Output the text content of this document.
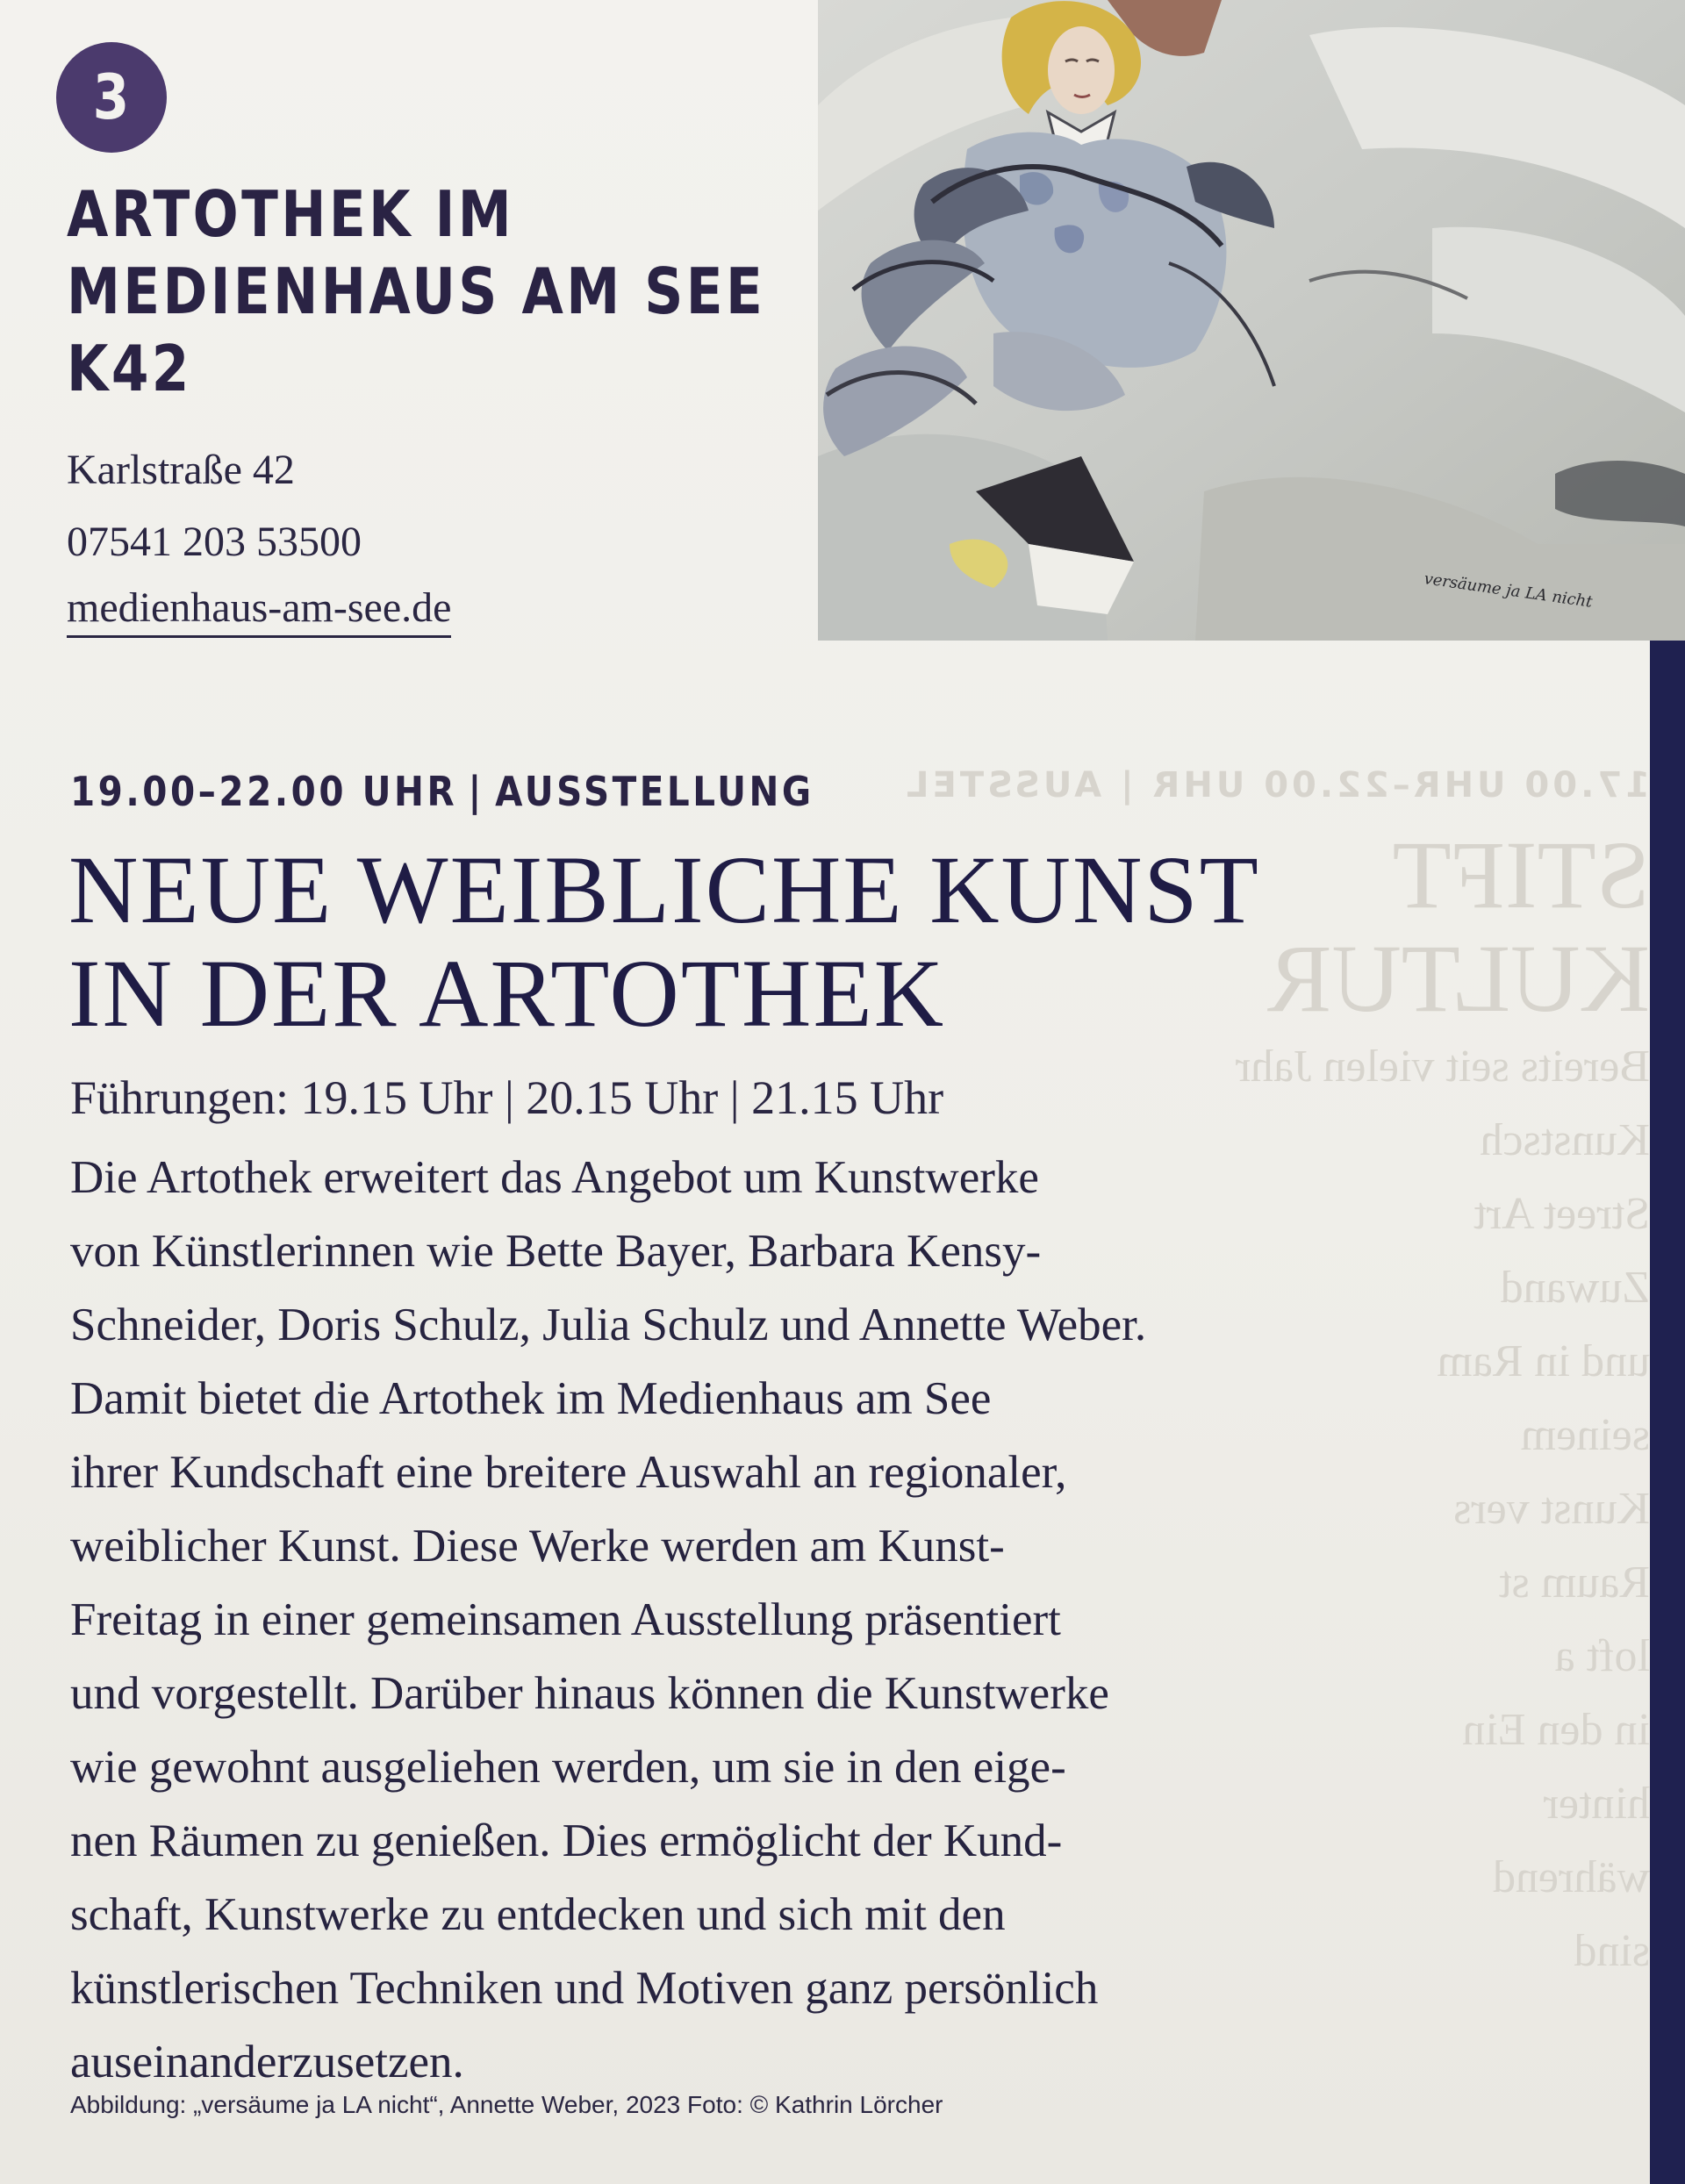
17.00 UHR–22.00 UHR | AUSSTEL
STIFT
KULTUR
Bereits seit vielen Jahr
Kunstsch
Street Art
Zuwand
und in Ram
seinem
Kunst vers
Raum st
loft a
in den Ein
hinter
während
sind
3
ARTOTHEK IM
MEDIENHAUS AM SEE
K42
Karlstraße 42
07541 203 53500
medienhaus-am-see.de	versäume ja LA nicht
19.00–22.00 UHR | AUSSTELLUNG
NEUE WEIBLICHE KUNST
IN DER ARTOTHEK
Führungen: 19.15 Uhr | 20.15 Uhr | 21.15 Uhr
Die Artothek erweitert das Angebot um Kunstwerke
von Künstlerinnen wie Bette Bayer, Barbara Kensy-
Schneider, Doris Schulz, Julia Schulz und Annette Weber.
Damit bietet die Artothek im Medienhaus am See
ihrer Kundschaft eine breitere Auswahl an regionaler,
weiblicher Kunst. Diese Werke werden am Kunst-
Freitag in einer gemeinsamen Ausstellung präsentiert
und vorgestellt. Darüber hinaus können die Kunstwerke
wie gewohnt ausgeliehen werden, um sie in den eige-
nen Räumen zu genießen. Dies ermöglicht der Kund-
schaft, Kunstwerke zu entdecken und sich mit den
künstlerischen Techniken und Motiven ganz persönlich
auseinanderzusetzen.
Abbildung: „versäume ja LA nicht“, Annette Weber, 2023 Foto: © Kathrin Lörcher
